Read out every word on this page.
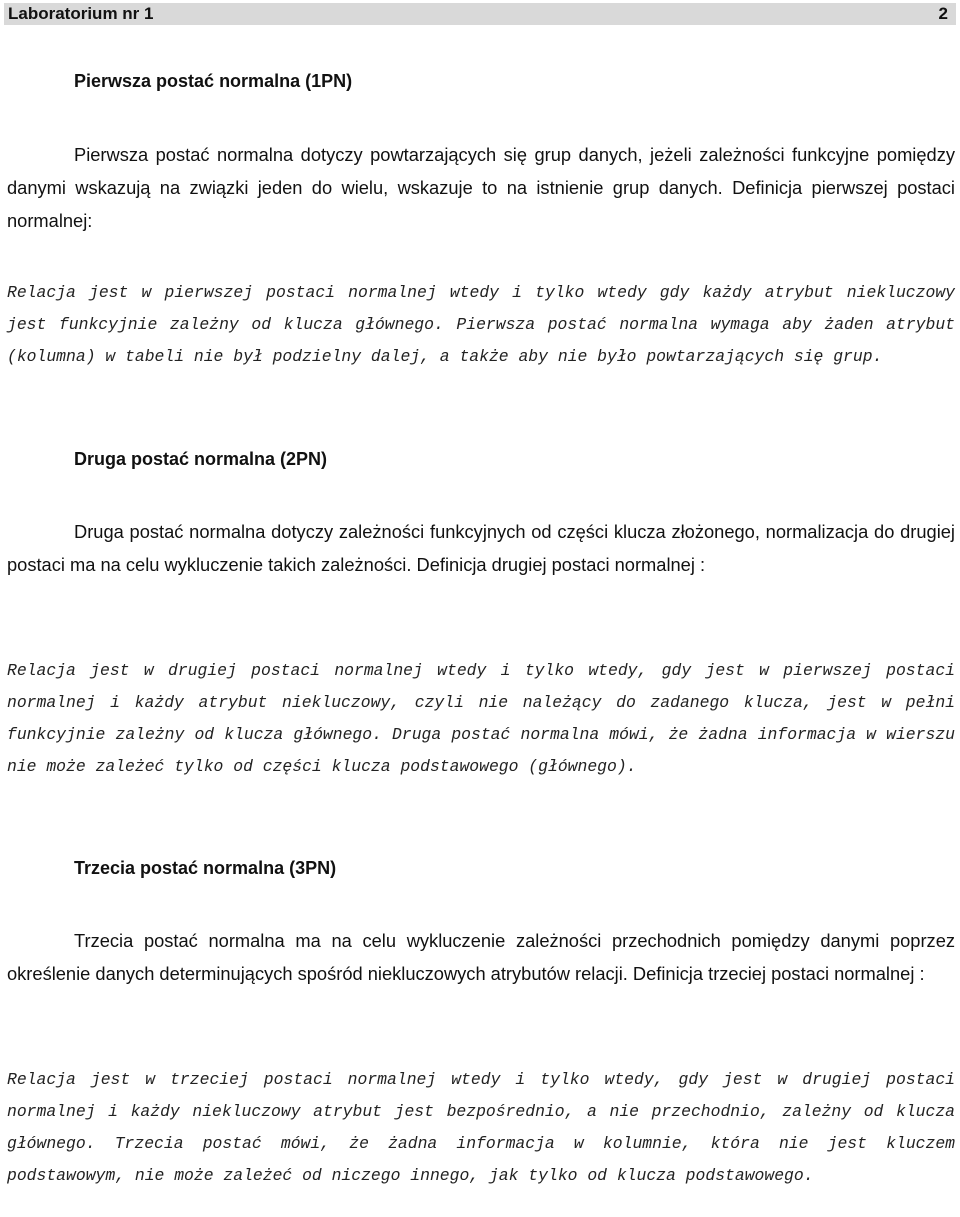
Laboratorium nr 1	2
Pierwsza postać normalna (1PN)

Pierwsza postać normalna dotyczy powtarzających się grup danych, jeżeli zależności funkcyjne pomiędzy danymi wskazują na związki jeden do wielu, wskazuje to na istnienie grup danych. Definicja pierwszej postaci normalnej:

Relacja jest w pierwszej postaci normalnej wtedy i tylko wtedy gdy każdy atrybut niekluczowy jest funkcyjnie zależny od klucza głównego. Pierwsza postać normalna wymaga aby żaden atrybut (kolumna) w tabeli nie był podzielny dalej, a także aby nie było powtarzających się grup.

Druga postać normalna (2PN)

Druga postać normalna dotyczy zależności funkcyjnych od części klucza złożonego, normalizacja do drugiej postaci ma na celu wykluczenie takich zależności. Definicja drugiej postaci normalnej :

Relacja jest w drugiej postaci normalnej wtedy i tylko wtedy, gdy jest w pierwszej postaci normalnej i każdy atrybut niekluczowy, czyli nie należący do zadanego klucza, jest w pełni funkcyjnie zależny od klucza głównego. Druga postać normalna mówi, że żadna informacja w wierszu nie może zależeć tylko od części klucza podstawowego (głównego).

Trzecia postać normalna (3PN)

Trzecia postać normalna ma na celu wykluczenie zależności przechodnich pomiędzy danymi poprzez określenie danych determinujących spośród niekluczowych atrybutów relacji. Definicja trzeciej postaci normalnej :

Relacja jest w trzeciej postaci normalnej wtedy i tylko wtedy, gdy jest w drugiej postaci normalnej i każdy niekluczowy atrybut jest bezpośrednio, a nie przechodnio, zależny od klucza głównego. Trzecia postać mówi, że żadna informacja w kolumnie, która nie jest kluczem podstawowym, nie może zależeć od niczego innego, jak tylko od klucza podstawowego.
